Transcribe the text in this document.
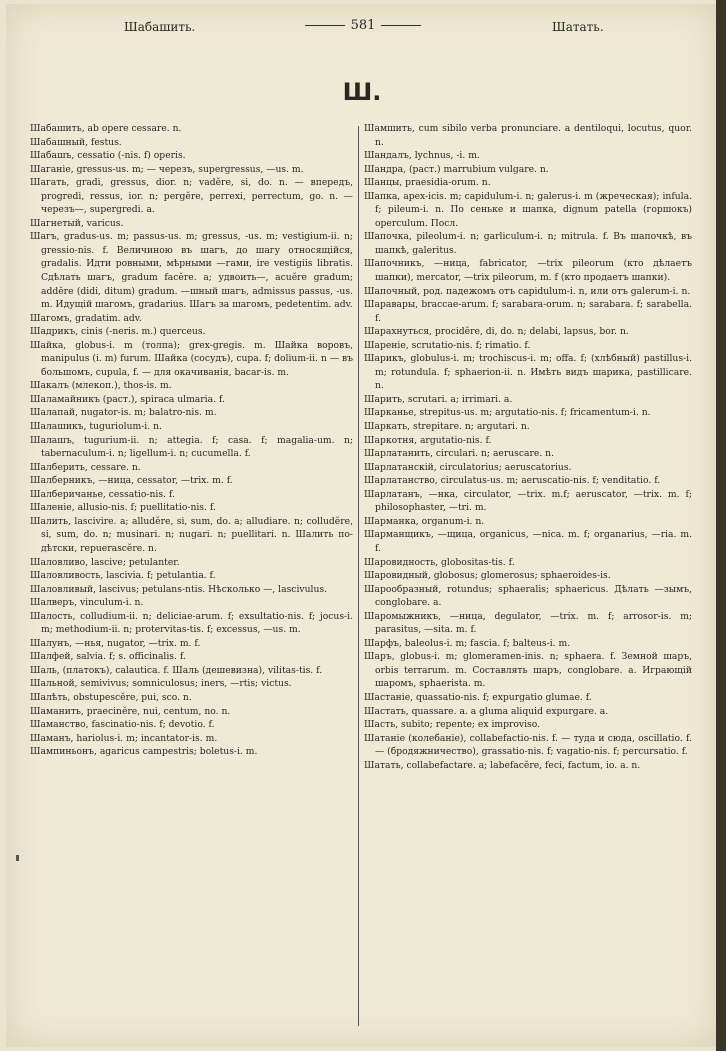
Шабашить.	581	Шатать.
Ш.

Шабашить, ab opere cessare. n.

Шабашный, festus.

Шабашъ, cessatio (-nis. f) operis.

Шаганіе, gressus-us. m; — черезъ, supergressus, —us. m.

Шагать, gradi, gressus, dior. n; vadĕre, si, do. n. — впередъ, progredi, ressus, ior. n; pergĕre, perrexi, perrectum, go. n. — черезъ—, supergredi. a.

Шагнетый, varicus.

Шагъ, gradus-us. m; passus-us. m; gressus, -us. m; vestigium-ii. n; gressio-nis. f. Величиною въ шагъ, до шагу относящійся, gradalis. Идти ровными, мѣрными —гами, ire vestigiis libratis. Сдѣлать шагъ, gradum facĕre. a; удвоить—, acuĕre gradum; addĕre (didi, ditum) gradum. —шный шагъ, admissus passus, -us. m. Идущій шагомъ, gradarius. Шагъ за шагомъ, pedetentim. adv.

Шагомъ, gradatim. adv.

Шадрикъ, cinis (-neris. m.) querceus.

Шайка, globus-i. m (толпа); grex-gregis. m. Шайка воровъ, manipulus (i. m) furum. Шайка (сосудъ), cupa. f; dolium-ii. n — въ большомъ, cupula, f. — для окачиванія, bacar-is. m.

Шакалъ (млекоп.), thos-is. m.

Шаламайникъ (раст.), spiraca ulmaria. f.

Шалапай, nugator-is. m; balatro-nis. m.

Шалашикъ, tuguriolum-i. n.

Шалашъ, tugurium-ii. n; attegia. f; casa. f; magalia-um. n; tabernaculum-i. n; ligellum-i. n; cucumella. f.

Шалберить, cessare. n.

Шалберникъ, —ница, cessator, —trix. m. f.

Шалберичанье, cessatio-nis. f.

Шаленіе, allusio-nis. f; puellitatio-nis. f.

Шалить, lascivire. a; alludĕre, si, sum, do. a; alludiare. n; colludĕre, si, sum, do. n; musinari. n; nugari. n; puellitari. n. Шалить по-дѣтски, repuerascĕre. n.

Шаловливо, lascive; petulanter.

Шаловливость, lascivia. f; petulantia. f.

Шаловливый, lascivus; petulans-ntis. Нѣсколько —, lascivulus.

Шалверъ, vinculum-i. n.

Шалость, colludium-ii. n; deliciae-arum. f; exsultatio-nis. f; jocus-i. m; methodium-ii. n; protervitas-tis. f; excessus, —us. m.

Шалунъ, —нья, nugator, —trix. m. f.

Шалфей, salvia. f; s. officinalis. f.

Шаль, (платокъ), calautica. f. Шаль (дешевизна), vilitas-tis. f.

Шальной, semivivus; somniculosus; iners, —rtis; victus.

Шалѣть, obstupescĕre, pui, sco. n.

Шаманить, praecinĕre, nui, centum, no. n.

Шаманство, fascinatio-nis. f; devotio. f.

Шаманъ, hariolus-i. m; incantator-is. m.

Шампиньонъ, agaricus campestris; boletus-i. m.

Шамшить, cum sibilo verba pronunciare. a dentiloqui, locutus, quor. n.

Шандалъ, lychnus, -i. m.

Шандра, (раст.) marrubium vulgare. n.

Шанцы, praesidia-orum. n.

Шапка, apex-icis. m; capidulum-i. n; galerus-i. m (жреческая); infula. f; pileum-i. n. По сеньке и шапка, dignum patella (горшокъ) operculum. Посл.

Шапочка, pileolum-i. n; garliculum-i. n; mitrula. f. Въ шапочкѣ, въ шапкѣ, galeritus.

Шапочникъ, —ница, fabricator, —trix pileorum (кто дѣлаетъ шапки), mercator, —trix pileorum, m. f (кто продаетъ шапки).

Шапочный, род. падежомъ отъ capidulum-i. n, или отъ galerum-i. n.

Шаравары, braccae-arum. f; sarabara-orum. n; sarabara. f; sarabella. f.

Шарахнуться, procidĕre, di, do. n; delabi, lapsus, bor. n.

Шареніе, scrutatio-nis. f; rimatio. f.

Шарикъ, globulus-i. m; trochiscus-i. m; offa. f; (хлѣбный) pastillus-i. m; rotundula. f; sphaerion-ii. n. Имѣть видъ шарика, pastillicare. n.

Шарить, scrutari. a; irrimari. a.

Шарканье, strepitus-us. m; argutatio-nis. f; fricamentum-i. n.

Шаркать, strepitare. n; argutari. n.

Шаркотня, argutatio-nis. f.

Шарлатанить, circulari. n; aeruscare. n.

Шарлатанскій, circulatorius; aeruscatorius.

Шарлатанство, circulatus-us. m; aeruscatio-nis. f; venditatio. f.

Шарлатанъ, —нка, circulator, —trix. m.f; aeruscator, —trix. m. f; philosophaster, —tri. m.

Шарманка, organum-i. n.

Шарманщикъ, —щица, organicus, —nica. m. f; organarius, —ria. m. f.

Шаровидность, globositas-tis. f.

Шаровидный, globosus; glomerosus; sphaeroides-is.

Шарообразный, rotundus; sphaeralis; sphaericus. Дѣлать —зымъ, conglobare. a.

Шаромыжникъ, —ница, degulator, —trix. m. f; arrosor-is. m; parasitus, —sita. m. f.

Шарфъ, baleolus-i. m; fascia. f; balteus-i. m.

Шаръ, globus-i. m; glomeramen-inis. n; sphaera. f. Земной шаръ, orbis terrarum. m. Составлять шаръ, conglobare. a. Играющій шаромъ, sphaerista. m.

Шастаніе, quassatio-nis. f; expurgatio glumae. f.

Шастать, quassare. a. a gluma aliquid expurgare. a.

Шасть, subito; repente; ex improviso.

Шатаніе (колебаніе), collabefactio-nis. f. — туда и сюда, oscillatio. f. — (бродяжничество), grassatio-nis. f; vagatio-nis. f; percursatio. f.

Шатать, collabefactare. a; labefacĕre, feci, factum, io. a. n.
